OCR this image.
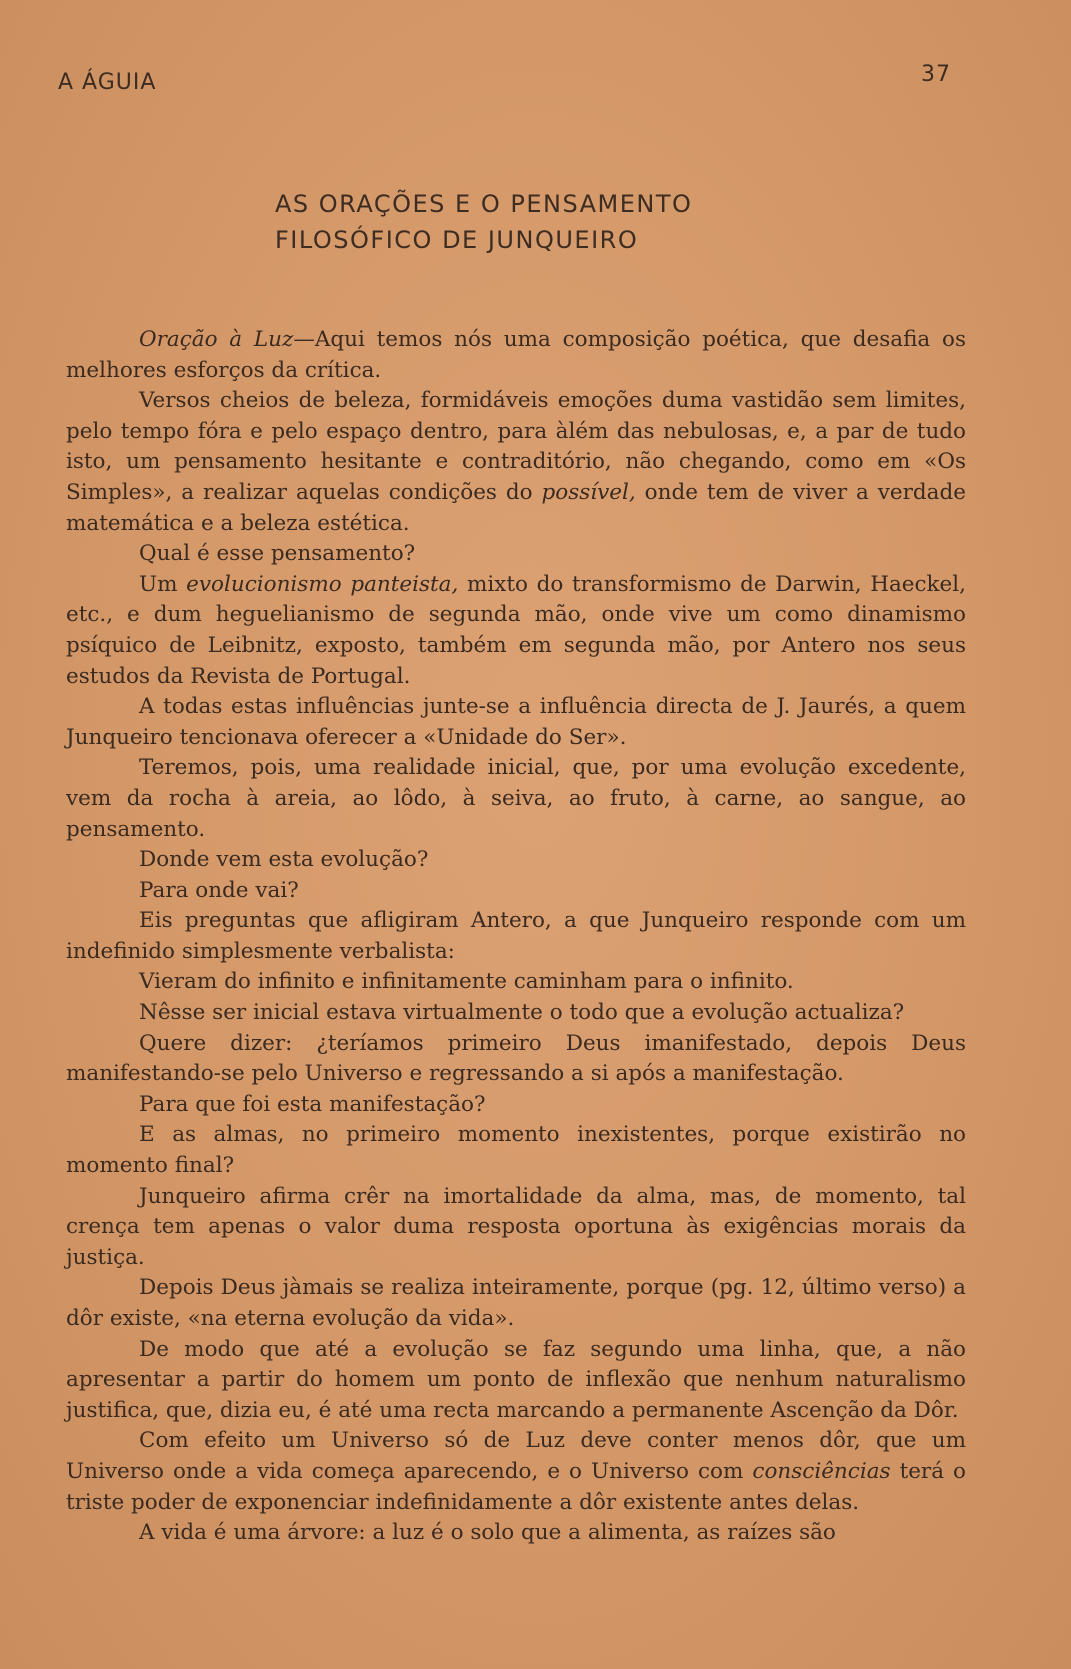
A ÁGUIA	37
AS ORAÇÕES E O PENSAMENTO
FILOSÓFICO DE JUNQUEIRO

Oração à Luz—Aqui temos nós uma composição poética, que desafia os melhores esforços da crítica.

Versos cheios de beleza, formidáveis emoções duma vastidão sem limites, pelo tempo fóra e pelo espaço dentro, para àlém das nebulosas, e, a par de tudo isto, um pensamento hesitante e contraditório, não chegando, como em «Os Simples», a realizar aquelas condições do possível, onde tem de viver a verdade matemática e a beleza estética.

Qual é esse pensamento?

Um evolucionismo panteista, mixto do transformismo de Darwin, Haeckel, etc., e dum heguelianismo de segunda mão, onde vive um como dinamismo psíquico de Leibnitz, exposto, também em segunda mão, por Antero nos seus estudos da Revista de Portugal.

A todas estas influências junte-se a influência directa de J. Jaurés, a quem Junqueiro tencionava oferecer a «Unidade do Ser».

Teremos, pois, uma realidade inicial, que, por uma evolução excedente, vem da rocha à areia, ao lôdo, à seiva, ao fruto, à carne, ao sangue, ao pensamento.

Donde vem esta evolução?

Para onde vai?

Eis preguntas que afligiram Antero, a que Junqueiro responde com um indefinido simplesmente verbalista:

Vieram do infinito e infinitamente caminham para o infinito.

Nêsse ser inicial estava virtualmente o todo que a evolução actualiza?

Quere dizer: ¿teríamos primeiro Deus imanifestado, depois Deus manifestando-se pelo Universo e regressando a si após a manifestação.

Para que foi esta manifestação?

E as almas, no primeiro momento inexistentes, porque existirão no momento final?

Junqueiro afirma crêr na imortalidade da alma, mas, de momento, tal crença tem apenas o valor duma resposta oportuna às exigências morais da justiça.

Depois Deus jàmais se realiza inteiramente, porque (pg. 12, último verso) a dôr existe, «na eterna evolução da vida».

De modo que até a evolução se faz segundo uma linha, que, a não apresentar a partir do homem um ponto de inflexão que nenhum naturalismo justifica, que, dizia eu, é até uma recta marcando a permanente Ascenção da Dôr.

Com efeito um Universo só de Luz deve conter menos dôr, que um Universo onde a vida começa aparecendo, e o Universo com consciências terá o triste poder de exponenciar indefinidamente a dôr existente antes delas.

A vida é uma árvore: a luz é o solo que a alimenta, as raízes são
